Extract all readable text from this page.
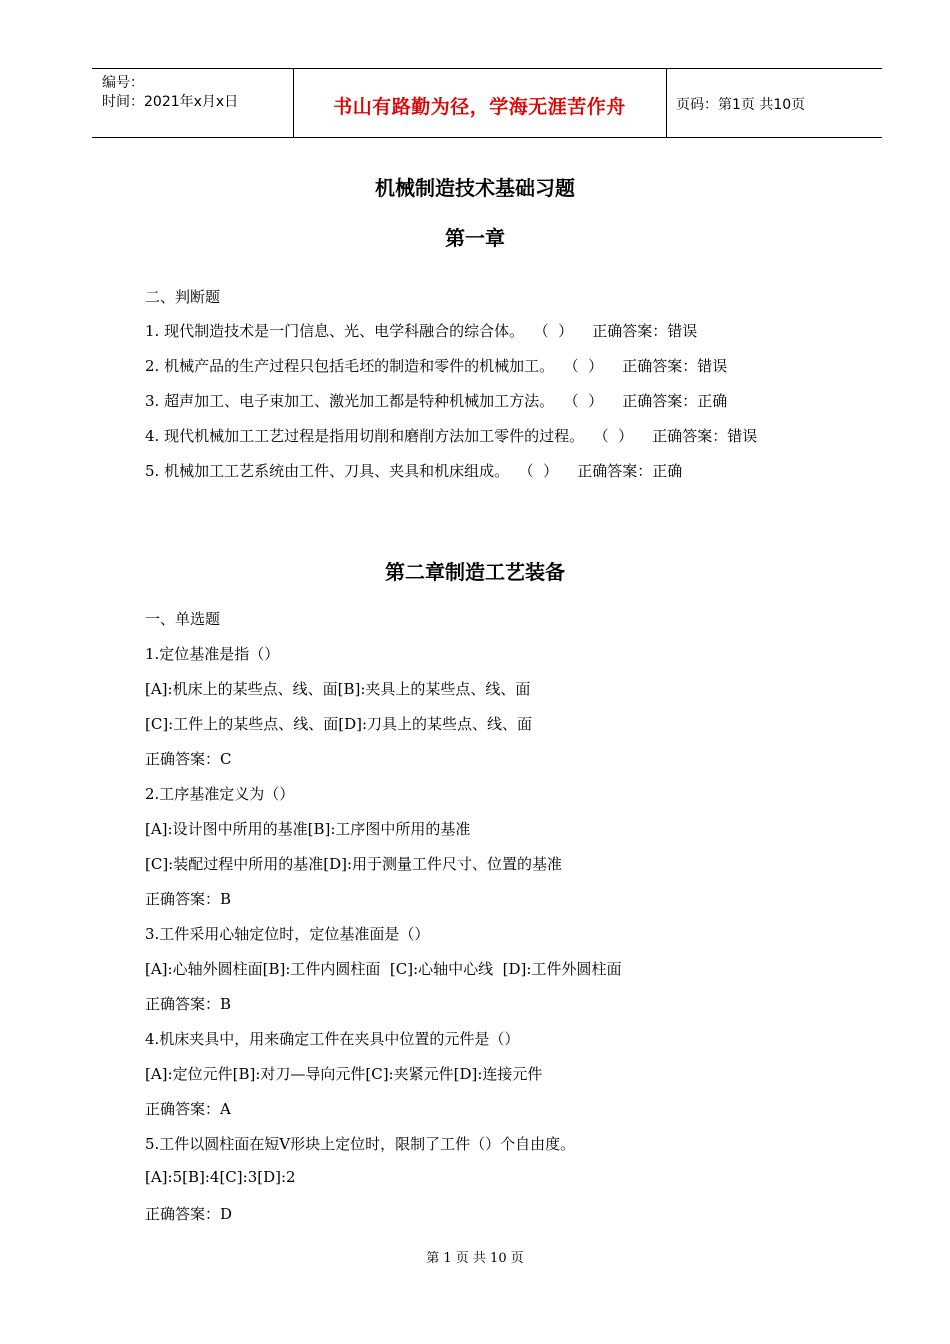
编号：
时间：2021年x月x日	书山有路勤为径，学海无涯苦作舟	页码：第1页 共10页
机械制造技术基础习题
第一章
二、判断题
1. 现代制造技术是一门信息、光、电学科融合的综合体。  （  ）    正确答案：错误
2. 机械产品的生产过程只包括毛坯的制造和零件的机械加工。  （  ）    正确答案：错误
3. 超声加工、电子束加工、激光加工都是特种机械加工方法。  （  ）    正确答案：正确
4. 现代机械加工工艺过程是指用切削和磨削方法加工零件的过程。  （  ）    正确答案：错误
5. 机械加工工艺系统由工件、刀具、夹具和机床组成。  （  ）    正确答案：正确
第二章制造工艺装备
一、单选题
1.定位基准是指（）
[A]:机床上的某些点、线、面[B]:夹具上的某些点、线、面
[C]:工件上的某些点、线、面[D]:刀具上的某些点、线、面
正确答案：C
2.工序基准定义为（）
[A]:设计图中所用的基准[B]:工序图中所用的基准
[C]:装配过程中所用的基准[D]:用于测量工件尺寸、位置的基准
正确答案：B
3.工件采用心轴定位时，定位基准面是（）
[A]:心轴外圆柱面[B]:工件内圆柱面  [C]:心轴中心线  [D]:工件外圆柱面
正确答案：B
4.机床夹具中，用来确定工件在夹具中位置的元件是（）
[A]:定位元件[B]:对刀—导向元件[C]:夹紧元件[D]:连接元件
正确答案：A
5.工件以圆柱面在短V形块上定位时，限制了工件（）个自由度。
[A]:5[B]:4[C]:3[D]:2
正确答案：D
第 1 页 共 10 页
